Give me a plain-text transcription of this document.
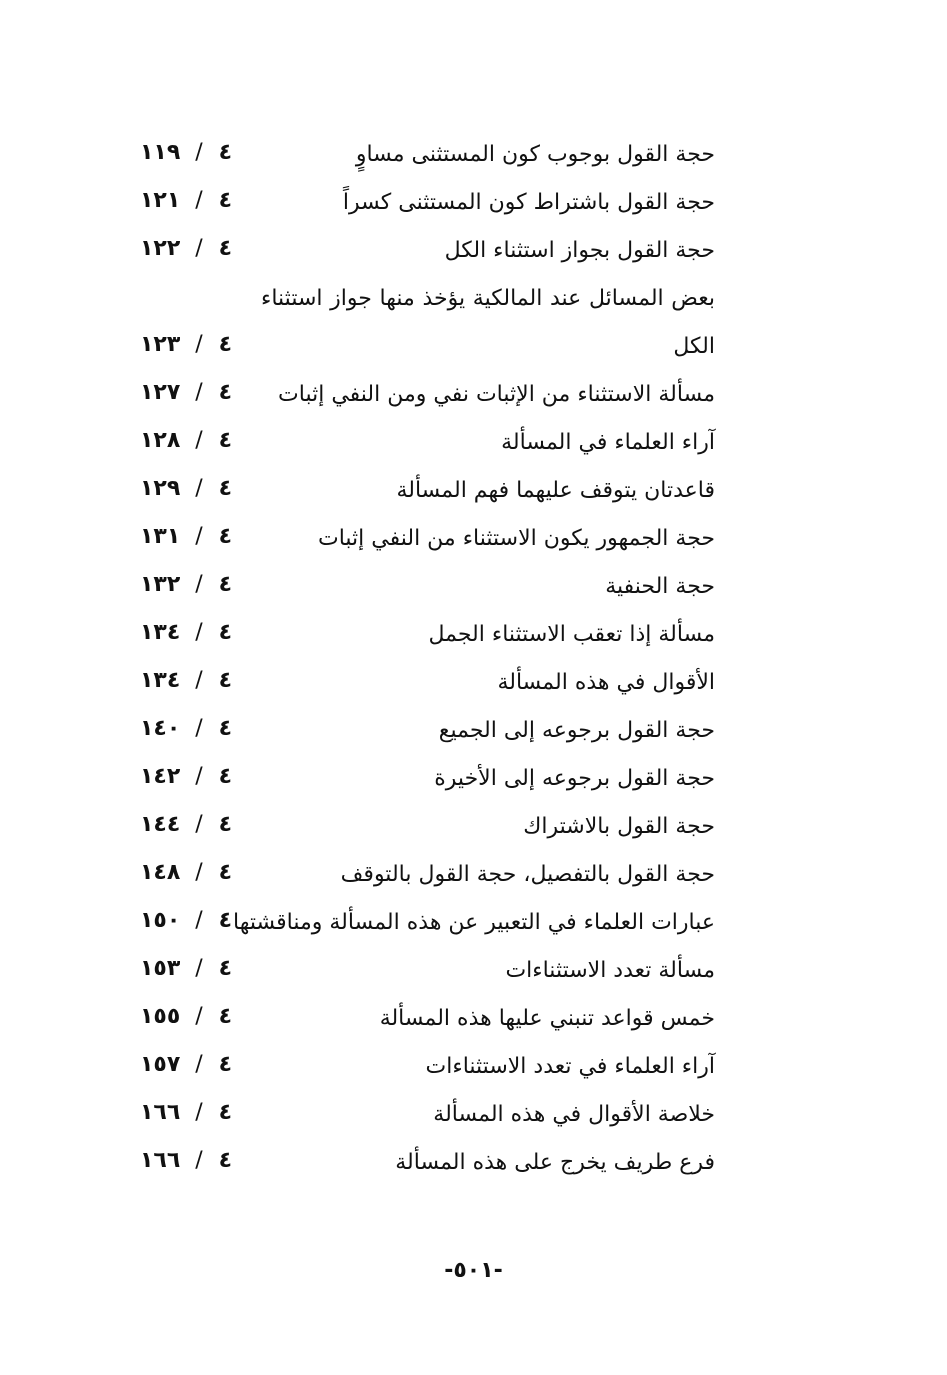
حجة القول بوجوب كون المستثنى مساوٍ
١١٩ / ٤
حجة القول باشتراط كون المستثنى كسراً
١٢١ / ٤
حجة القول بجواز استثناء الكل
١٢٢ / ٤
بعض المسائل عند المالكية يؤخذ منها جواز استثناء
الكل
١٢٣ / ٤
مسألة الاستثناء من الإثبات نفي ومن النفي إثبات
١٢٧ / ٤
آراء العلماء في المسألة
١٢٨ / ٤
قاعدتان يتوقف عليهما فهم المسألة
١٢٩ / ٤
حجة الجمهور يكون الاستثناء من النفي إثبات
١٣١ / ٤
حجة الحنفية
١٣٢ / ٤
مسألة إذا تعقب الاستثناء الجمل
١٣٤ / ٤
الأقوال في هذه المسألة
١٣٤ / ٤
حجة القول برجوعه إلى الجميع
١٤٠ / ٤
حجة القول برجوعه إلى الأخيرة
١٤٢ / ٤
حجة القول بالاشتراك
١٤٤ / ٤
حجة القول بالتفصيل، حجة القول بالتوقف
١٤٨ / ٤
عبارات العلماء في التعبير عن هذه المسألة ومناقشتها
١٥٠ / ٤
مسألة تعدد الاستثناءات
١٥٣ / ٤
خمس قواعد تنبني عليها هذه المسألة
١٥٥ / ٤
آراء العلماء في تعدد الاستثناءات
١٥٧ / ٤
خلاصة الأقوال في هذه المسألة
١٦٦ / ٤
فرع طريف يخرج على هذه المسألة
١٦٦ / ٤
-٥٠١-
